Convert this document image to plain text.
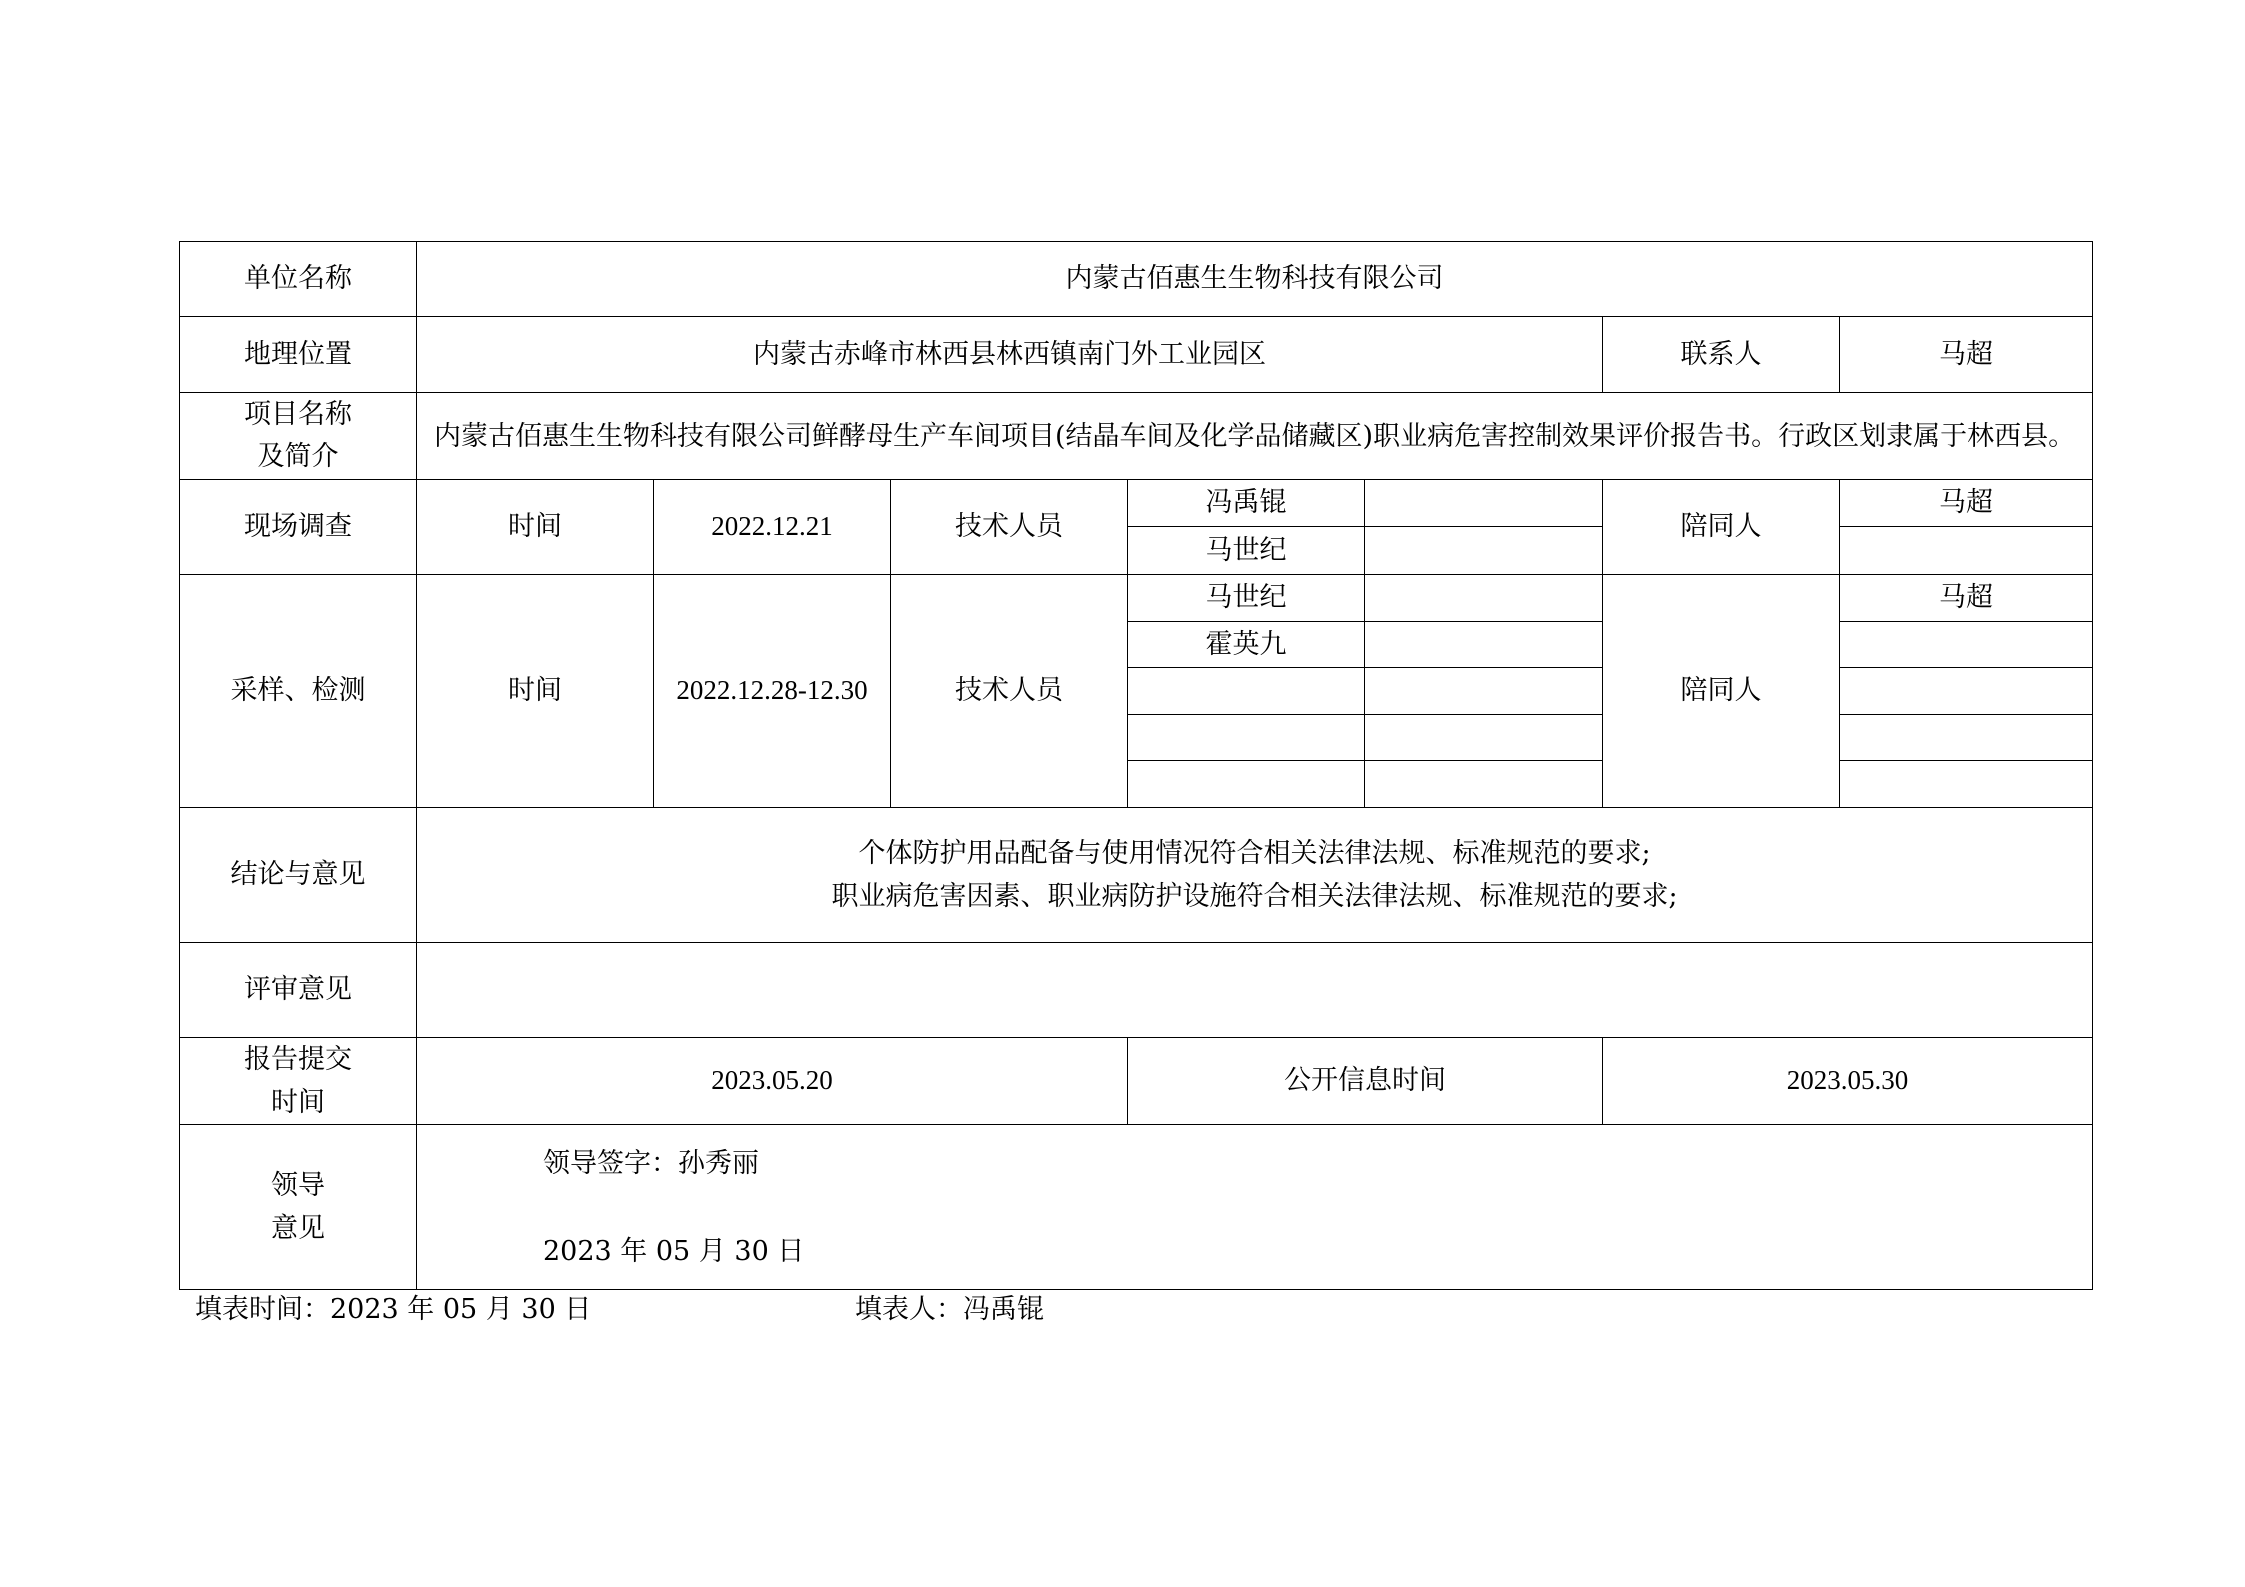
单位名称	内蒙古佰惠生生物科技有限公司						
地理位置	内蒙古赤峰市林西县林西镇南门外工业园区					联系人	马超
项目名称
及简介	内蒙古佰惠生生物科技有限公司鲜酵母生产车间项目(结晶车间及化学品储藏区)职业病危害控制效果评价报告书。行政区划隶属于林西县。						
现场调查	时间	2022.12.21	技术人员	冯禹锟		陪同人	马超
				马世纪			
采样、检测	时间	2022.12.28-12.30	技术人员	马世纪		陪同人	马超
				霍英九			

结论与意见	个体防护用品配备与使用情况符合相关法律法规、标准规范的要求;
职业病危害因素、职业病防护设施符合相关法律法规、标准规范的要求;						

评审意见							
报告提交
时间	2023.05.20			公开信息时间		2023.05.30	
领导
意见	领导签字：孙秀丽
2023 年 05 月 30 日						
填表时间：2023 年 05 月 30 日	填表人：冯禹锟
